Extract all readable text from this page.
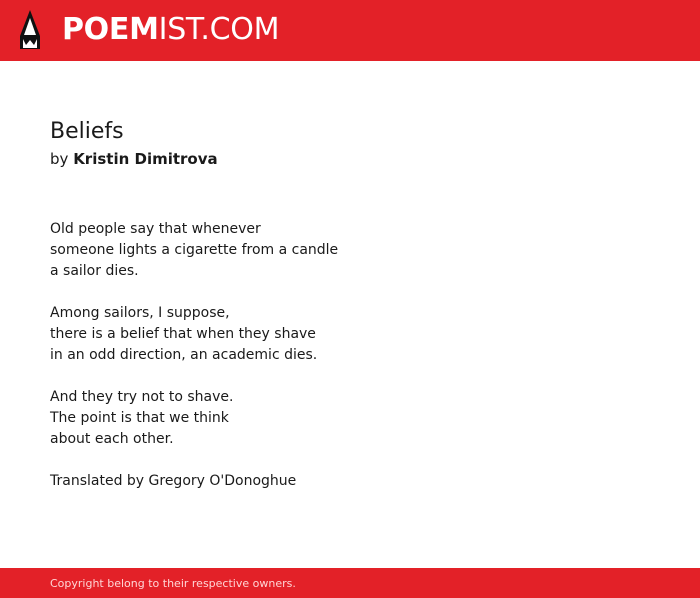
POEMIST.COM
Beliefs
by Kristin Dimitrova
Old people say that whenever
someone lights a cigarette from a candle
a sailor dies.
Among sailors, I suppose,
there is a belief that when they shave
in an odd direction, an academic dies.
And they try not to shave.
The point is that we think
about each other.
Translated by Gregory O'Donoghue
Copyright belong to their respective owners.
